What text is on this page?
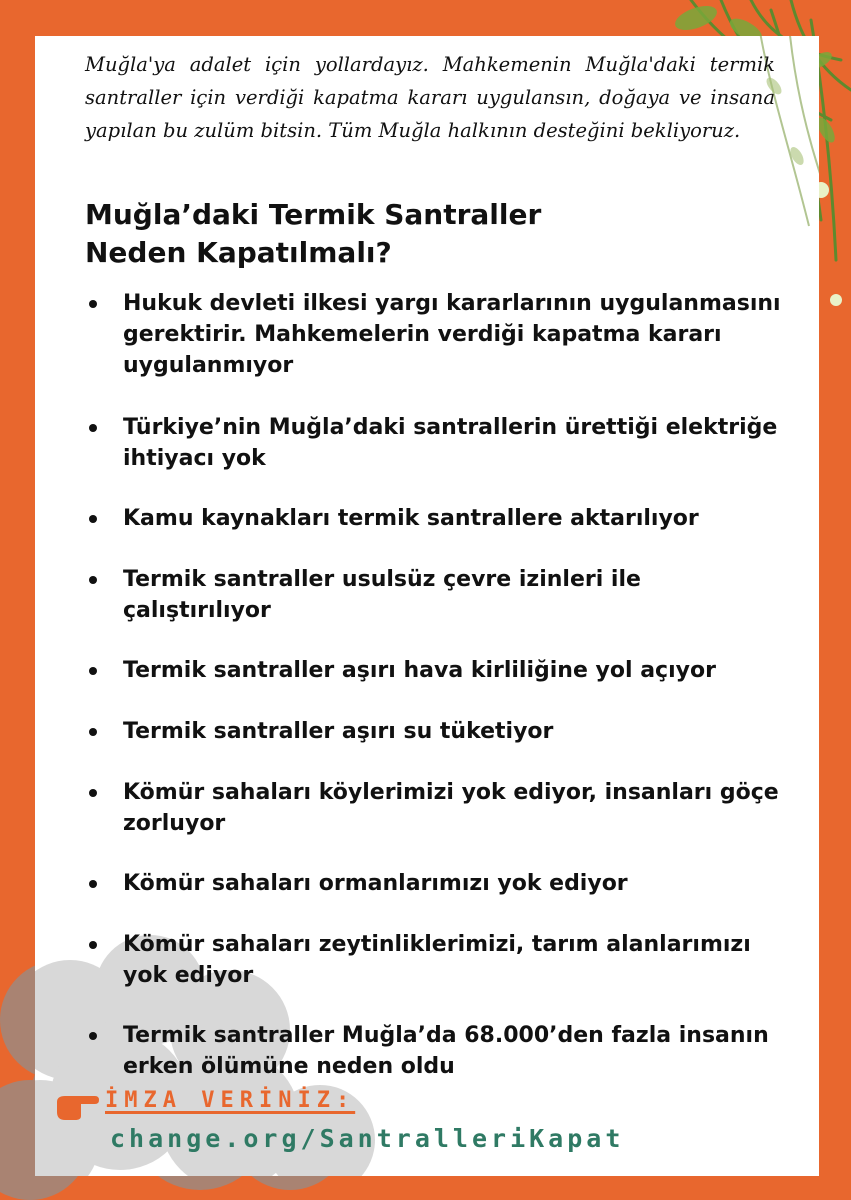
Muğla'ya adalet için yollardayız. Mahkemenin Muğla'daki termik santraller için verdiği kapatma kararı uygulansın, doğaya ve insana yapılan bu zulüm bitsin. Tüm Muğla halkının desteğini bekliyoruz.

Muğla’daki Termik Santraller
Neden Kapatılmalı?
Hukuk devleti ilkesi yargı kararlarının uygulanmasını gerektirir. Mahkemelerin verdiği kapatma kararı uygulanmıyor
Türkiye’nin Muğla’daki santrallerin ürettiği elektriğe ihtiyacı yok
Kamu kaynakları termik santrallere aktarılıyor
Termik santraller usulsüz çevre izinleri ile çalıştırılıyor
Termik santraller aşırı hava kirliliğine yol açıyor
Termik santraller aşırı su tüketiyor
Kömür sahaları köylerimizi yok ediyor, insanları göçe zorluyor
Kömür sahaları ormanlarımızı yok ediyor
Kömür sahaları zeytinliklerimizi, tarım alanlarımızı yok ediyor
Termik santraller Muğla’da 68.000’den fazla insanın erken ölümüne neden oldu
İMZA VERİNİZ:
change.org/SantralleriKapat
